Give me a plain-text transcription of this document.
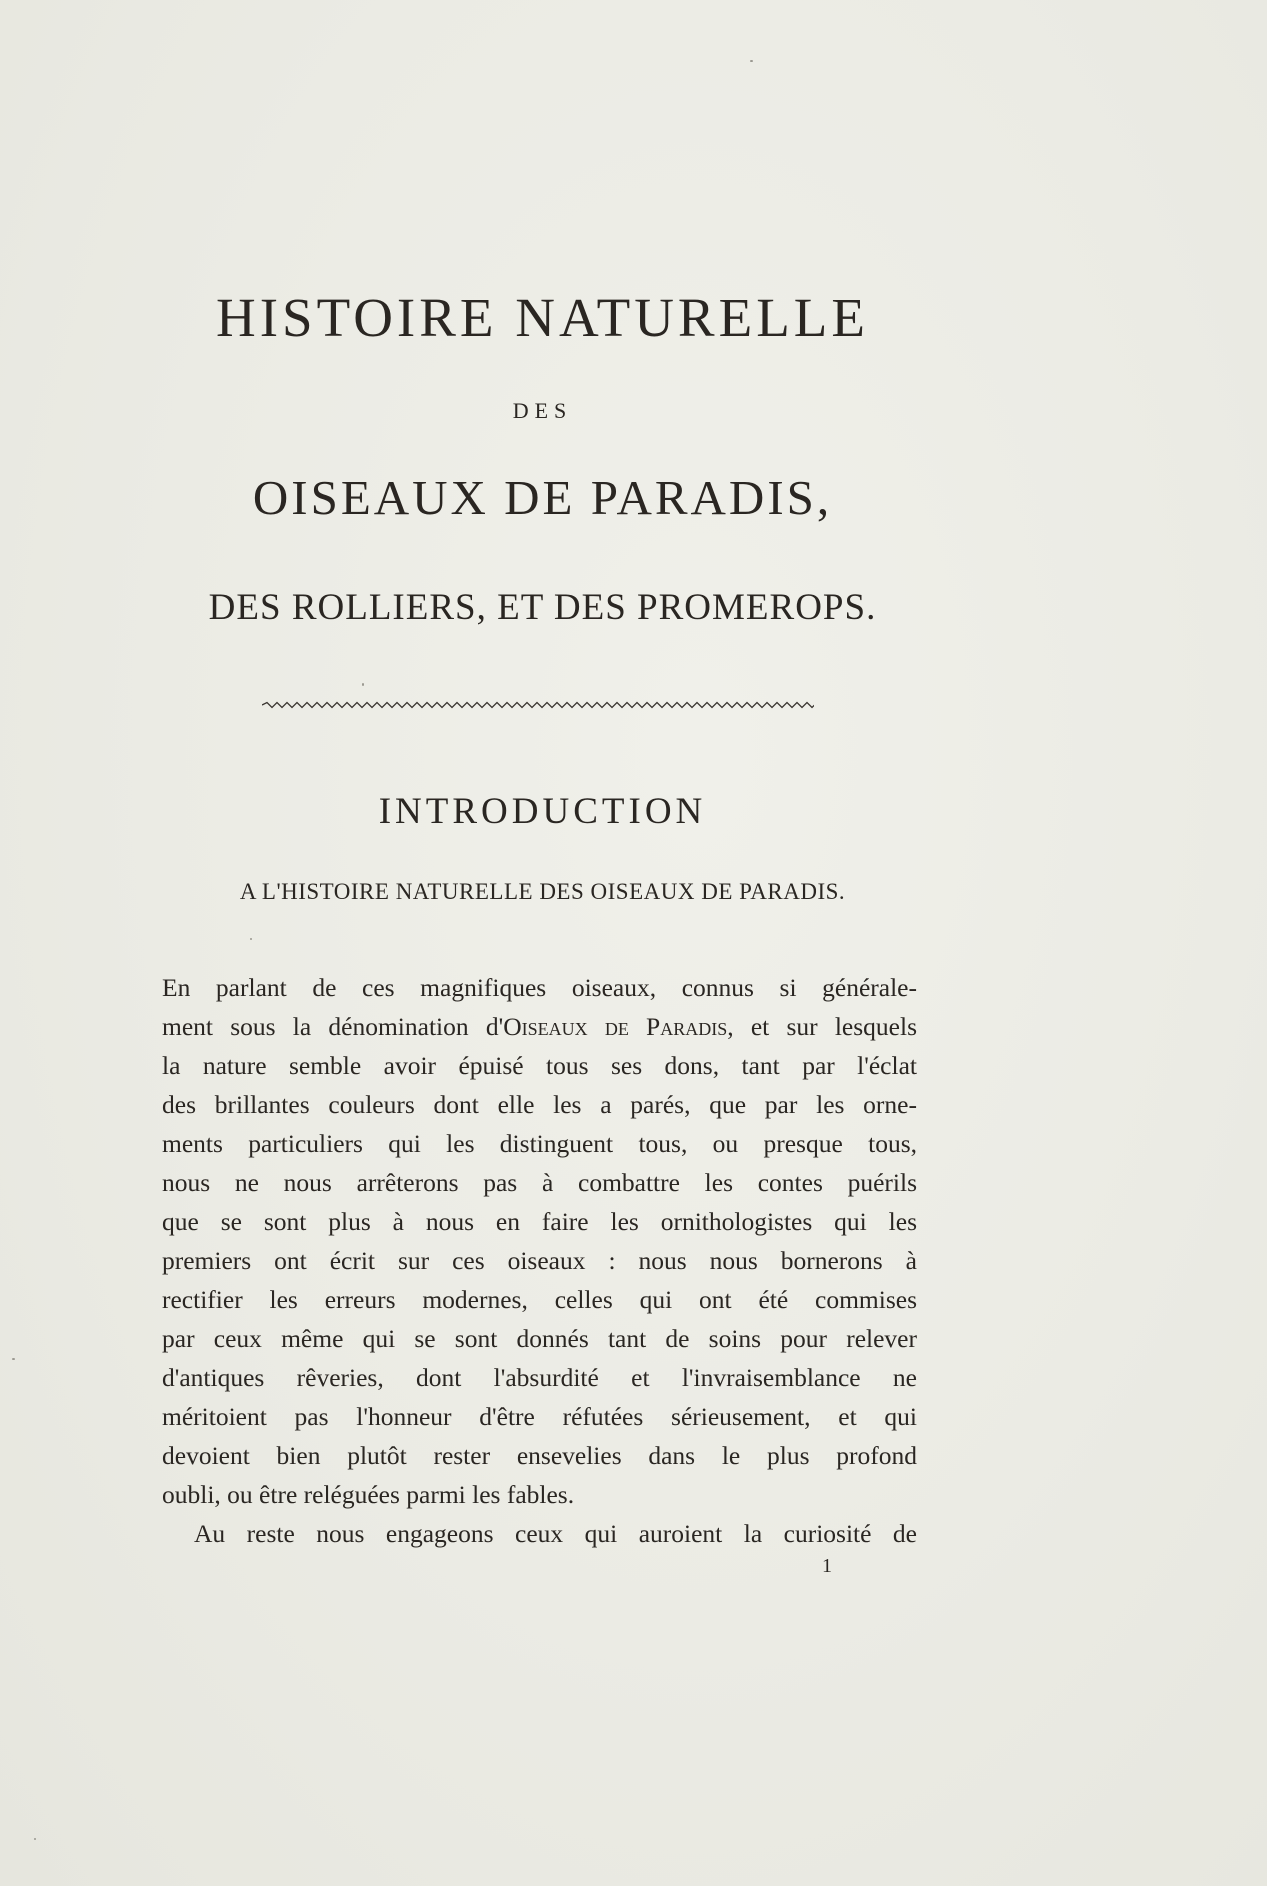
HISTOIRE NATURELLE
DES
OISEAUX DE PARADIS,
DES ROLLIERS, ET DES PROMEROPS.
INTRODUCTION
A L'HISTOIRE NATURELLE DES OISEAUX DE PARADIS.
En parlant de ces magnifiques oiseaux, connus si générale-
ment sous la dénomination d'Oiseaux de Paradis, et sur lesquels
la nature semble avoir épuisé tous ses dons, tant par l'éclat
des brillantes couleurs dont elle les a parés, que par les orne-
ments particuliers qui les distinguent tous, ou presque tous,
nous ne nous arrêterons pas à combattre les contes puérils
que se sont plus à nous en faire les ornithologistes qui les
premiers ont écrit sur ces oiseaux : nous nous bornerons à
rectifier les erreurs modernes, celles qui ont été commises
par ceux même qui se sont donnés tant de soins pour relever
d'antiques rêveries, dont l'absurdité et l'invraisemblance ne
méritoient pas l'honneur d'être réfutées sérieusement, et qui
devoient bien plutôt rester ensevelies dans le plus profond
oubli, ou être reléguées parmi les fables.
Au reste nous engageons ceux qui auroient la curiosité de
1
